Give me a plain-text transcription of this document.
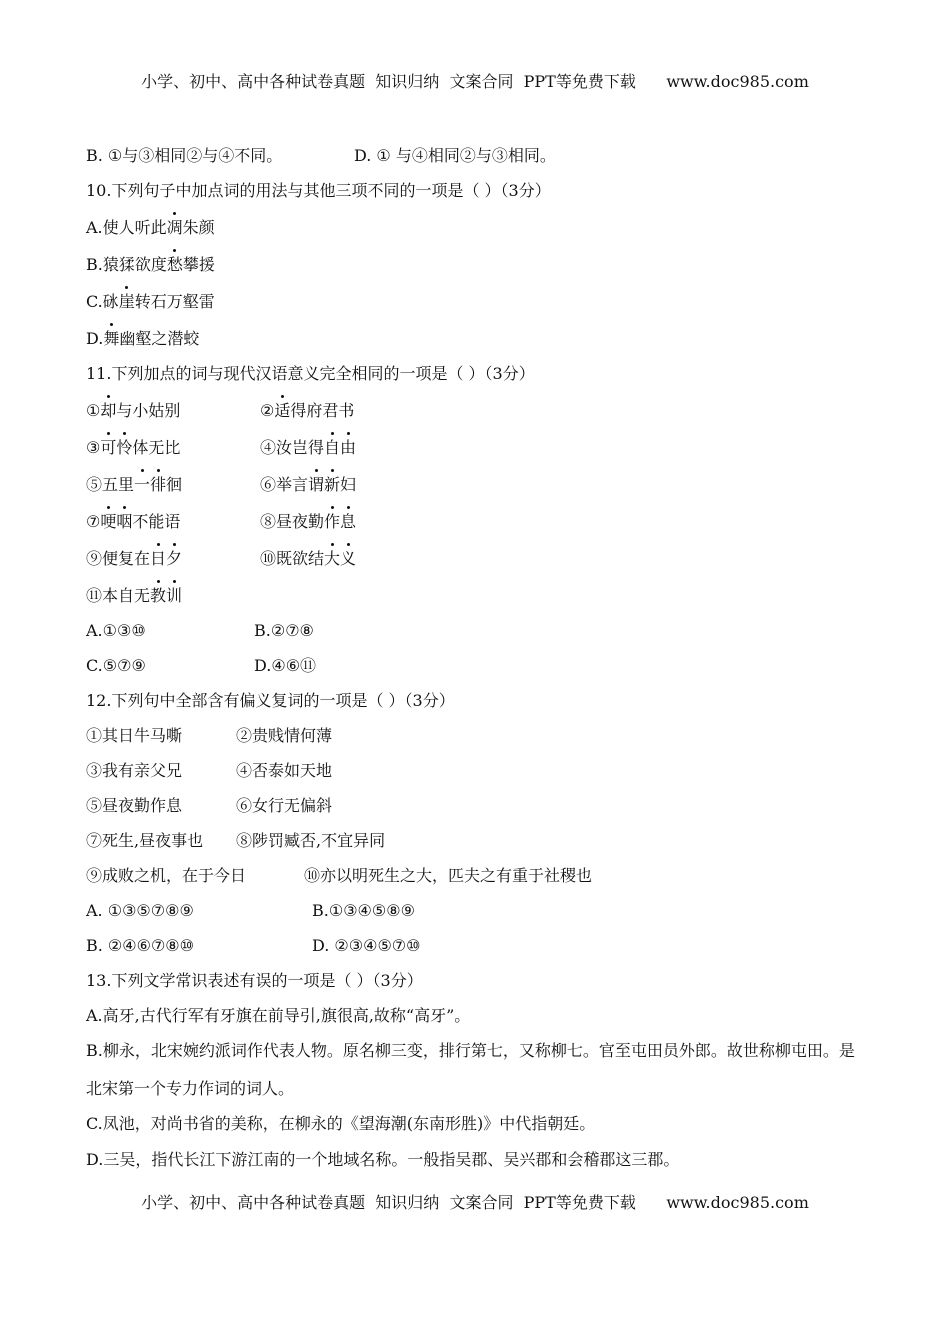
小学、初中、高中各种试卷真题  知识归纳  文案合同  PPT等免费下载      www.doc985.com
B. ①与③相同②与④不同。	D. ① 与④相同②与③相同。
10.下列句子中加点词的用法与其他三项不同的一项是（ ）（3分）
A.使人听此凋朱颜
B.猿猱欲度愁攀援
C.砯崖转石万壑雷
D.舞幽壑之潜蛟
11.下列加点的词与现代汉语意义完全相同的一项是（ ）（3分）
①却与小姑别	②适得府君书
③可怜体无比	④汝岂得自由
⑤五里一徘徊	⑥举言谓新妇
⑦哽咽不能语	⑧昼夜勤作息
⑨便复在日夕	⑩既欲结大义
⑪本自无教训
A.①③⑩	B.②⑦⑧
C.⑤⑦⑨	D.④⑥⑪
12.下列句中全部含有偏义复词的一项是（ ）（3分）
①其日牛马嘶	②贵贱情何薄
③我有亲父兄	④否泰如天地
⑤昼夜勤作息	⑥女行无偏斜
⑦死生,昼夜事也 ⑧陟罚臧否,不宜异同
⑨成败之机，在于今日	⑩亦以明死生之大，匹夫之有重于社稷也
A. ①③⑤⑦⑧⑨	B.①③④⑤⑧⑨
B. ②④⑥⑦⑧⑩	D. ②③④⑤⑦⑩
13.下列文学常识表述有误的一项是（ ）（3分）
A.高牙,古代行军有牙旗在前导引,旗很高,故称“高牙”。
B.柳永，北宋婉约派词作代表人物。原名柳三变，排行第七，又称柳七。官至屯田员外郎。故世称柳屯田。是北宋第一个专力作词的词人。
C.凤池，对尚书省的美称，在柳永的《望海潮(东南形胜)》中代指朝廷。
D.三吴，指代长江下游江南的一个地域名称。一般指吴郡、吴兴郡和会稽郡这三郡。
小学、初中、高中各种试卷真题  知识归纳  文案合同  PPT等免费下载      www.doc985.com
